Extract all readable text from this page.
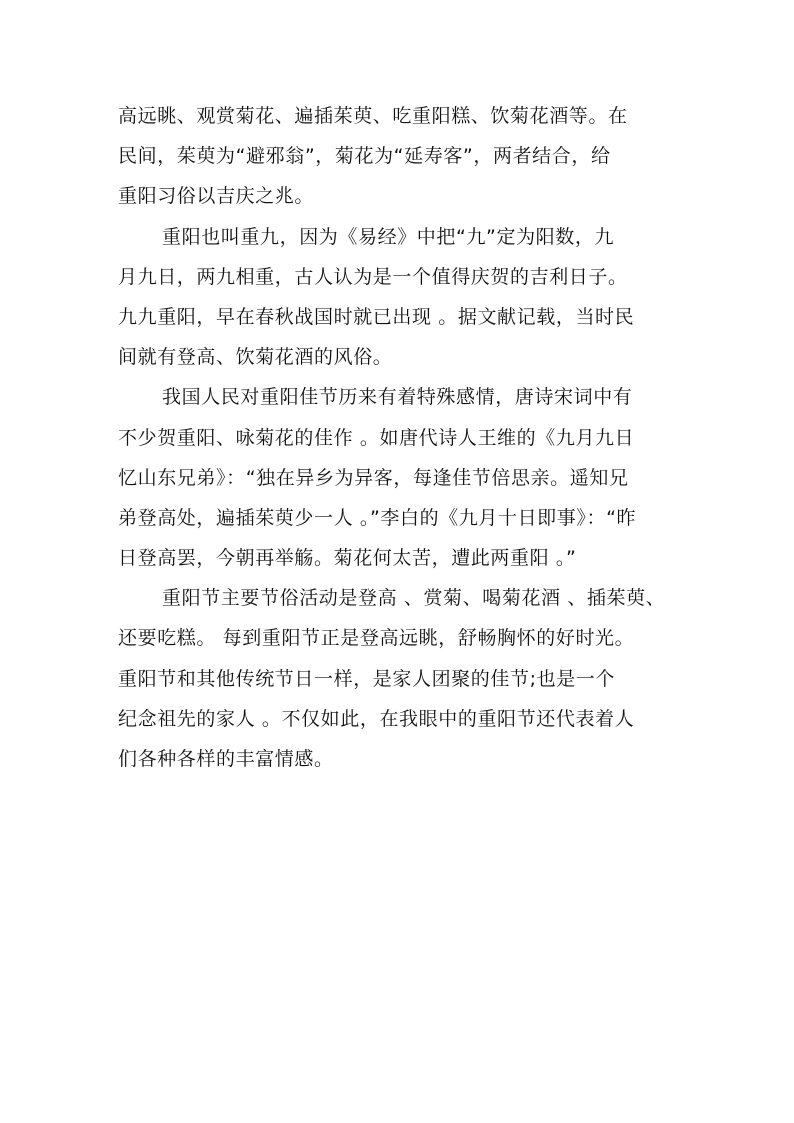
高远眺、观赏菊花、遍插茱萸、吃重阳糕、饮菊花酒等。在
民间，茱萸为“避邪翁”，菊花为“延寿客”，两者结合，给
重阳习俗以吉庆之兆。
重阳也叫重九，因为《易经》中把“九”定为阳数，九
月九日，两九相重，古人认为是一个值得庆贺的吉利日子。
九九重阳，早在春秋战国时就已出现 。据文献记载，当时民
间就有登高、饮菊花酒的风俗。
我国人民对重阳佳节历来有着特殊感情，唐诗宋词中有
不少贺重阳、咏菊花的佳作 。如唐代诗人王维的《九月九日
忆山东兄弟》：“独在异乡为异客，每逢佳节倍思亲。遥知兄
弟登高处，遍插茱萸少一人 。”李白的《九月十日即事》：“昨
日登高罢，今朝再举觞。菊花何太苦，遭此两重阳 。”
重阳节主要节俗活动是登高 、赏菊、喝菊花酒 、插茱萸、
还要吃糕。 每到重阳节正是登高远眺，舒畅胸怀的好时光。
重阳节和其他传统节日一样，是家人团聚的佳节;也是一个
纪念祖先的家人 。不仅如此，在我眼中的重阳节还代表着人
们各种各样的丰富情感。
